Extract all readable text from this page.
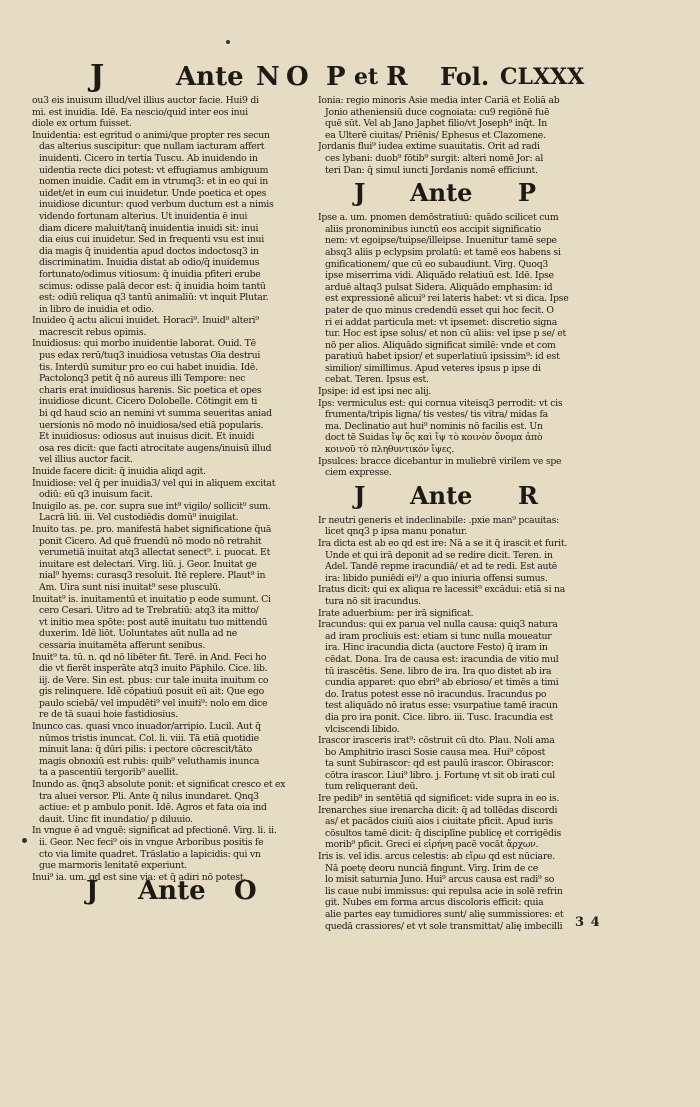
J	Ante N O P et R Fol. CLXXX
ou3 eis inuisum illud/vel illius auctor facie. Hui9 di
mi. est inuidia. Idē. Ea nescio/quid inter eos inui
diole ex ortum fuisset.
Inuidentia: est egritud o animi/que propter res secun
das alterius suscipitur: que nullam iacturam affert
inuidenti. Cicero in tertia Tuscu. Ab inuidendo in
uidentia recte dici potest: vt effugiamus ambiguum
nomen inuidie. Cadit em in vtrumq3: et in eo qui in
uidet/et in eum cui inuidetur. Unde poetica et opes
inuidiose dicuntur: quod verbum ductum est a nimis
videndo fortunam alterius. Ut inuidentia ē inui
diam dicere maluit/tanq̄ inuidentia inuidi sit: inui
dia eius cui inuidetur. Sed in frequenti vsu est inui
dia magis q̄ inuidentia apud doctos indoctosq3 in
discriminatim. Inuidia distat ab odio/q̄ inuidemus
fortunato/odimus vitiosum: q̄ inuidia pfiteri erube
scimus: odisse palā decor est: q̄ inuidia hoim tantū
est: odiū reliqua q3 tantū animaliū: vt inquit Plutar.
in libro de inuidia et odio.
Inuideo q̄ actu alicui inuidet. Horaci⁹. Inuid⁹ alteri⁹
macrescit rebus opimis.
Inuidiosus: qui morbo inuidentie laborat. Ouid. Tē
pus edax rerū/tuq3 inuidiosa vetustas Oīa destrui
tis. Interdū sumitur pro eo cui habet inuidia. Idē.
Pactolonq3 petit q̄ nō aureus illi Tempore: nec
charis erat inuidiosus harenis. Sic poetica et opes
inuidiose dicunt. Cicero Dolobelle. Cōtingit em ti
bi qd haud scio an nemini vt summa seueritas aniad
uersionis nō modo nō inuidiosa/sed etiā popularis.
Et inuidiosus: odiosus aut inuisus dicit. Et inuidi
osa res dicit: que facti atrocitate augens/inuisū illud
vel illius auctor facit.
Inuide facere dicit: q̄ inuidia aliqd agit.
Inuidiose: vel q̄ per inuidia3/ vel qui in aliquem excitat
odiū: eū q3 inuisum facit.
Inuigilo as. pe. cor. supra sue int⁹ vigilo/ sollicit⁹ sum.
Lacrā liū. iii. Vel custodiēdis domū⁹ inuigilat.
Inuito tas. pe. pro. manifestā habet significatione q̄uā
ponit Cicero. Ad quē fruendū nō modo nō retrahit
verumetiā inuitat atq3 allectat senect⁹. i. puocat. Et
inuitare est delectari. Virg. liū. j. Geor. Inuitat ge
nial⁹ hyems: curasq3 resoluit. Itē replere. Plaut⁹ in
Am. Uira sunt nisi inuitat⁹ sese plusculū.
Inuitat⁹ is. inuitamentū et inuitatio p eode sumunt. Ci
cero Cesari. Uitro ad te Trebratiū: atq3 ita mitto/
vt initio mea spōte: post autē inuitatu tuo mittendū
duxerim. Idē liōt. Uoluntates aūt nulla ad ne
cessaria inuitamēta afferunt senibus.
Inuit⁹ ta. tū. n. qd nō libēter fit. Terē. in And. Feci ho
die vt fierēt insperāte atq3 inuito Pāphilo. Cice. lib.
iij. de Vere. Sin est. pbus: cur tale inuita inuitum co
gis relinquere. Idē cōpatiuū posuit eū ait: Que ego
paulo sciebā/ vel impudēti⁹ vel inuiti⁹: nolo em dice
re de tā suaui hoie fastidiosius.
Inunco cas. quasi vnco inuador/arripio. Lucil. Aut q̄
nūmos tristis inuncat. Col. li. viii. Tā etiā quotidie
minuit lana: q̄ dūri pilis: i pectore cōcrescit/tāto
magis obnoxiū est rubis: quib⁹ veluthamis inunca
ta a pascentiū tergorib⁹ auellit.
Inundo as. q̄nq3 absolute ponit: et significat cresco et ex
tra aluei versor. Pli. Ante q̄ nilus inundaret. Qnq3
actiue: et p ambulo ponit. Idē. Agros et fata oia ind
dauit. Uinc fit inundatio/ p diluuio.
In vngue ē ad vnguē: significat ad pfectionē. Virg. li. ii.
ii. Geor. Nec feci⁹ ois in vngue Arboribus positis fe
cto via limite quadret. Trāslatio a lapicidis: qui vn
gue marmoris lenitatē experiunt.
Inui⁹ ia. um. qd est sine via: et q̄ adiri nō potest.
Ionia: regio minoris Asie media inter Cariā et Eoliā ab
Jonio atheniensiū duce cognoiata: cu9 regiōnē fuē
quē sūt. Vel ab Jano Japhet filio/vt Joseph⁹ inq̄t. In
ea Ulterē ciuitas/ Priēnis/ Ephesus et Clazomene.
Jordanis flui⁹ iudea extime suauitatis. Orit ad radi
ces lybani: duob⁹ fōtib⁹ surgit: alteri nomē Jor: al
teri Dan: q̄ simul iuncti Jordanis nomē efficiunt.
J Ante P
Ipse a. um. pnomen demōstratiuū: quādo scilicet cum
aliis pronominibus iunctū eos accipit significatio
nem: vt egoipse/tuipse/illeipse. Inuenitur tamē sepe
absq3 aliis p eclypsim prolatū: et tamē eos habens si
gnificationem/ que cū eo subaudiunt. Virg. Quoq3
ipse miserrima vidi. Aliquādo relatiuū est. Idē. Ipse
arduē altaq3 pulsat Sidera. Aliquādo emphasim: id
est expressionē alicui⁹ rei lateris habet: vt si dica. Ipse
pater de quo minus credendū esset qui hoc fecit. O
ri ei addat particula met: vt ipsemet: discretio signa
tur. Hoc est ipse solus/ et non cū aliis: vel ipse p se/ et
nō per alios. Aliquādo significat similē: vnde et com
paratiuū habet ipsior/ et superlatiuū ipsissim⁹: id est
similior/ simillimus. Apud veteres ipsus p ipse di
cebat. Teren. Ipsus est.
Ipsipe: id est ipsi nec alij.
Ips: vermiculus est: qui cornua viteisq3 perrodit: vt cis
frumenta/tripis ligna/ tis vestes/ tis vitra/ midas fa
ma. Declinatio aut hui⁹ nominis nō facilis est. Un
doct tē Suidas ἴψ ὅς καὶ ἴψ τὸ κοινὸν ὄνομα ἀπὸ
κοινοῦ τὸ πληθυντικόν ἴψες.
Ipsulces: bracce dicebantur in muliebrē virilem ve spe
ciem expresse.
J Ante R
Ir neutri generis et indeclinabile: .pxie man⁹ pcauitas:
licet qnq3 p ipsa manu ponatur.
Ira dicta est ab eo qd est ire: Nā a se it q̄ irascit et furit.
Unde et qui irā deponit ad se redire dicit. Teren. in
Adel. Tandē repme iracundiā/ et ad te redi. Est autē
ira: libido puniēdi ei⁹/ a quo iniuria offensi sumus.
Iratus dicit: qui ex aliqua re lacessit⁹ excādui: etiā si na
tura nō sit iracundus.
Irate aduerbium: per irā significat.
Iracundus: qui ex parua vel nulla causa: quiq3 natura
ad iram procliuis est: etiam si tunc nulla moueatur
ira. Hinc iracundia dicta (auctore Festo) q̄ iram in
cēdat. Dona. Ira de causa est: iracundia de vitio mul
tū irascētis. Sene. libro de ira. Ira quo distet ab ira
cundia apparet: quo ebri⁹ ab ebrioso/ et timēs a timi
do. Iratus potest esse nō iracundus. Iracundus po
test aliquādo nō iratus esse: vsurpatiue tamē iracun
dia pro ira ponit. Cice. libro. iii. Tusc. Iracundia est
vlciscendi libido.
Irascor irasceris irat⁹: cōstruit cū dto. Plau. Noli ama
bo Amphitrio irasci Sosie causa mea. Hui⁹ cōpost
ta sunt Subirascor: qd est paulū irascor. Obirascor:
cōtra irascor. Liui⁹ libro. j. Fortunę vt sit ob irati cul
tum reliquerant deū.
Ire pedib⁹ in sentētiā qd significet: vide supra in eo is.
Irenarches siue irenarcha dicit: q̄ ad tollēdas discordi
as/ et pacādos ciuiū aios i ciuitate pficit. Apud iuris
cōsultos tamē dicit: q̄ disciplīne publicę et corrigēdis
morib⁹ pficit. Greci ei εἰρήνη pacē vocāt ἄρχων.
Iris is. vel idis. arcus celestis: ab εἴρω qd est nūciare.
Nā poetę deoru nunciā fingunt. Virg. Irim de ce
lo misit saturnia Juno. Hui⁹ arcus causa est radi⁹ so
lis caue nubi immissus: qui repulsa acie in solē refrin
git. Nubes em forma arcus discoloris efficit: quia
alie partes eay tumidiores sunt/ alię summissiores: et
quedā crassiores/ et vt sole transmittat/ alię imbecilli
J Ante O
3 4
